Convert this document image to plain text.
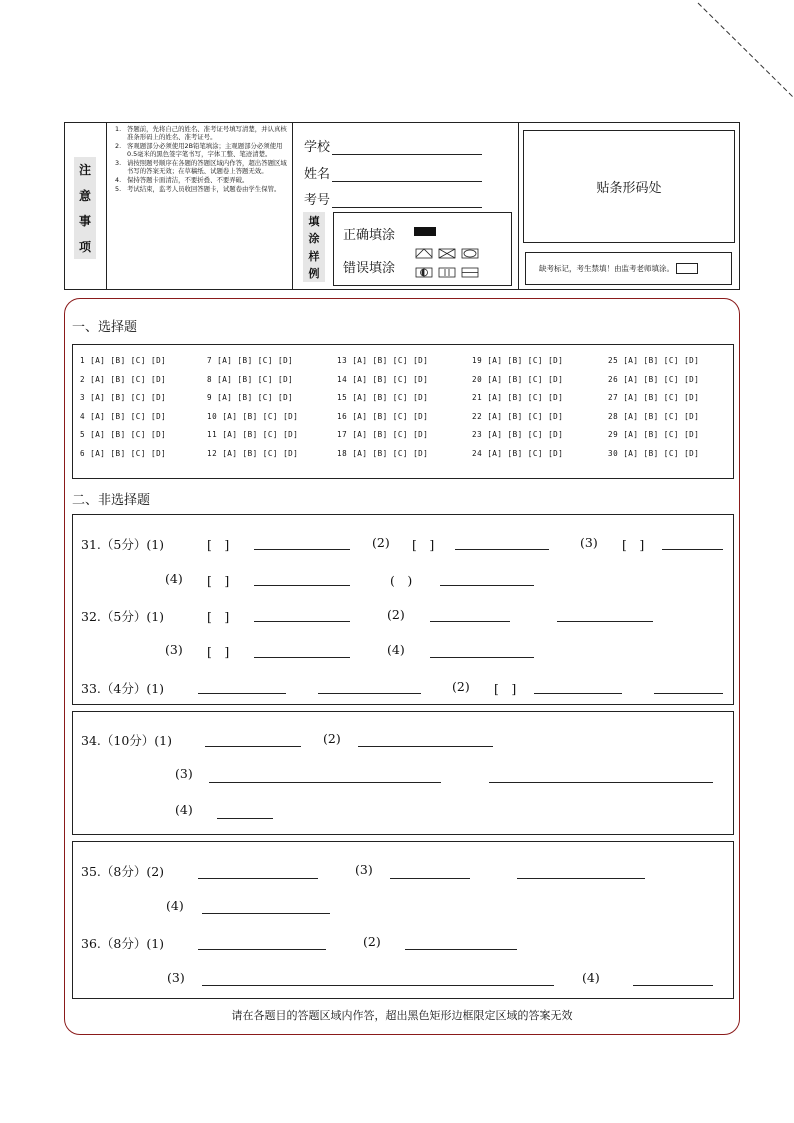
注
意
事
项
1. 答题前，先将自己的姓名、准考证号填写清楚，并认真核准条形码上的姓名、准考证号。
2. 客观题部分必须使用2B铅笔填涂；主观题部分必须使用0.5毫米的黑色签字笔书写，字体工整、笔迹清楚。
3. 请按照题号顺序在各题的答题区域内作答，超出答题区域书写的答案无效；在草稿纸、试题卷上答题无效。
4. 保持答题卡面清洁，不要折叠、不要弄破。
5. 考试结束，监考人员收回答题卡，试题卷由学生保管。
学校
姓名
考号
填
涂
样
例
正确填涂
错误填涂
贴条形码处
缺考标记，考生禁填！由监考老师填涂。
一、选择题
1 [A] [B] [C] [D]
2 [A] [B] [C] [D]
3 [A] [B] [C] [D]
4 [A] [B] [C] [D]
5 [A] [B] [C] [D]
6 [A] [B] [C] [D]
7 [A] [B] [C] [D]
8 [A] [B] [C] [D]
9 [A] [B] [C] [D]
10 [A] [B] [C] [D]
11 [A] [B] [C] [D]
12 [A] [B] [C] [D]
13 [A] [B] [C] [D]
14 [A] [B] [C] [D]
15 [A] [B] [C] [D]
16 [A] [B] [C] [D]
17 [A] [B] [C] [D]
18 [A] [B] [C] [D]
19 [A] [B] [C] [D]
20 [A] [B] [C] [D]
21 [A] [B] [C] [D]
22 [A] [B] [C] [D]
23 [A] [B] [C] [D]
24 [A] [B] [C] [D]
25 [A] [B] [C] [D]
26 [A] [B] [C] [D]
27 [A] [B] [C] [D]
28 [A] [B] [C] [D]
29 [A] [B] [C] [D]
30 [A] [B] [C] [D]
二、非选择题
31.（5分）(1)	[　]	(2) [　]	(3) [　]
(4) [　]	(　)
32.（5分）(1)	[　]	(2)
(3) [　]	(4)
33.（4分）(1)	(2) [　]
34.（10分）(1)	(2)
(3)
(4)
35.（8分）(2)	(3)
(4)
36.（8分）(1)	(2)
(3)	(4)
请在各题目的答题区域内作答，超出黑色矩形边框限定区域的答案无效
